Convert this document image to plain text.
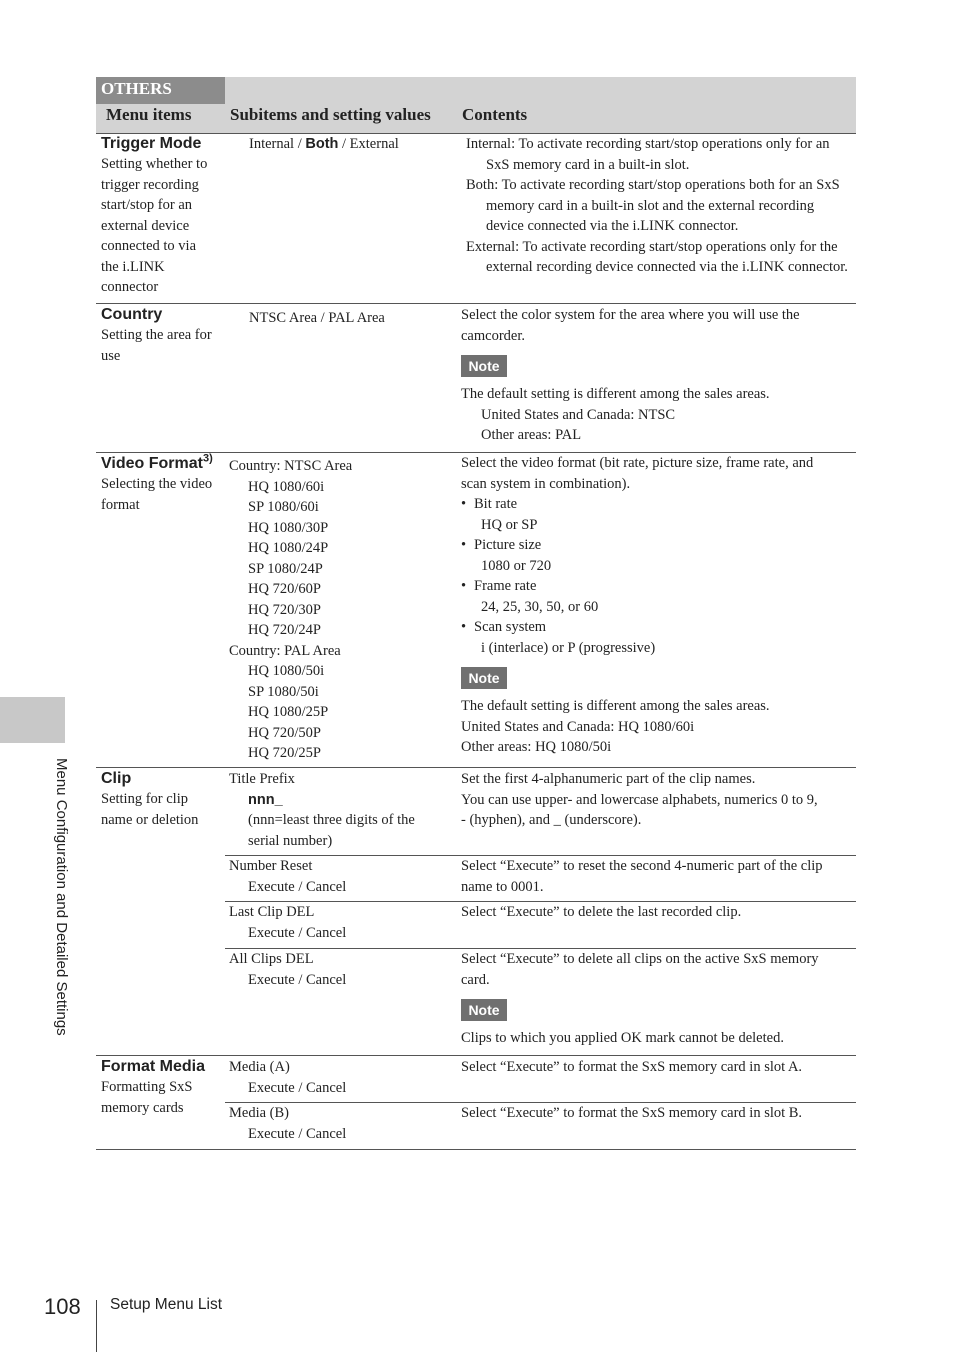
OTHERS
Menu items Subitems and setting values Contents
Trigger Mode
Setting whether to
trigger recording
start/stop for an
external device
connected to via
the i.LINK
connector
Internal / Both / External	Internal: To activate recording start/stop operations only for an SxS memory card in a built-in slot.
Both: To activate recording start/stop operations both for an SxS memory card in a built-in slot and the external recording device connected via the i.LINK connector.
External: To activate recording start/stop operations only for the external recording device connected via the i.LINK connector.
Country
Setting the area for
use
NTSC Area / PAL Area	Select the color system for the area where you will use the
camcorder.
Note
The default setting is different among the sales areas.
United States and Canada: NTSC
Other areas: PAL
Video Format$^{3)}$
Selecting the video
format
Country: NTSC Area
HQ 1080/60i
SP 1080/60i
HQ 1080/30P
HQ 1080/24P
SP 1080/24P
HQ 720/60P
HQ 720/30P
HQ 720/24P
Country: PAL Area
HQ 1080/50i
SP 1080/50i
HQ 1080/25P
HQ 720/50P
HQ 720/25P
Select the video format (bit rate, picture size, frame rate, and
scan system in combination).
• Bit rate
HQ or SP
• Picture size
1080 or 720
• Frame rate
24, 25, 30, 50, or 60
• Scan system
i (interlace) or P (progressive)
Note
The default setting is different among the sales areas.
United States and Canada: HQ 1080/60i
Other areas: HQ 1080/50i
Clip
Setting for clip
name or deletion
Title Prefix
nnn_
(nnn=least three digits of the
serial number)
Set the first 4-alphanumeric part of the clip names.
You can use upper- and lowercase alphabets, numerics 0 to 9,
- (hyphen), and _ (underscore).
Number Reset
Execute / Cancel
Select “Execute” to reset the second 4-numeric part of the clip
name to 0001.
Last Clip DEL
Execute / Cancel
Select “Execute” to delete the last recorded clip.
All Clips DEL
Execute / Cancel
Select “Execute” to delete all clips on the active SxS memory
card.
Note
Clips to which you applied OK mark cannot be deleted.
Format Media
Formatting SxS
memory cards
Media (A)
Execute / Cancel
Select “Execute” to format the SxS memory card in slot A.
Media (B)
Execute / Cancel
Select “Execute” to format the SxS memory card in slot B.
Menu Configuration and Detailed Settings
108 Setup Menu List
